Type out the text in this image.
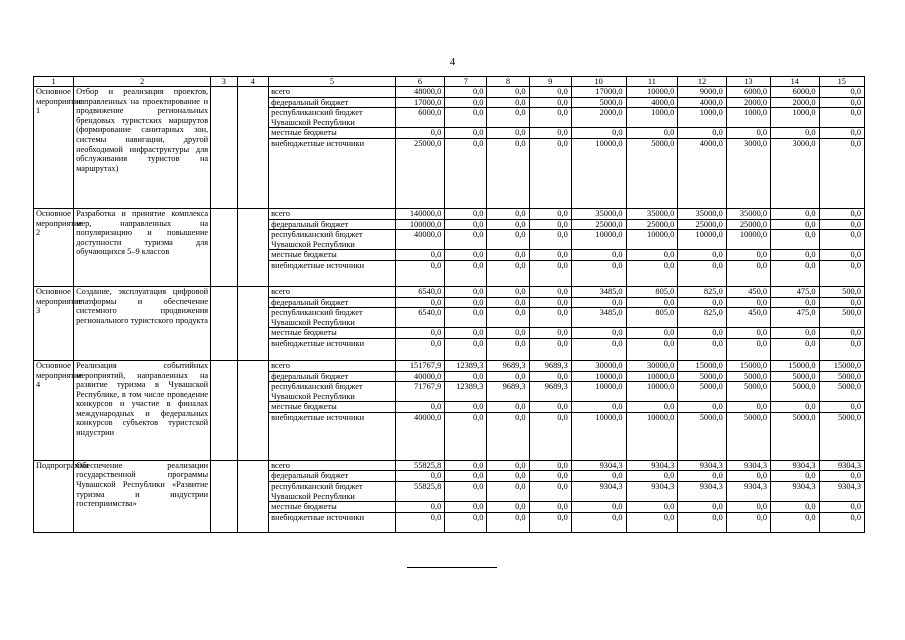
4
1	2	3	4	5	6	7	8	9	10	11	12	13	14	15
Основное мероприятие 1	Отбор и реализация проектов, направленных на проектирование и продвижение региональных брендовых туристских маршрутов (формирование санитарных зон, системы навигации, другой необходимой инфраструктуры для обслуживания туристов на маршрутах)			всего	48000,0	0,0	0,0	0,0	17000,0	10000,0	9000,0	6000,0	6000,0	0,0
				федеральный бюджет	17000,0	0,0	0,0	0,0	5000,0	4000,0	4000,0	2000,0	2000,0	0,0
				республиканский бюджет Чувашской Республики	6000,0	0,0	0,0	0,0	2000,0	1000,0	1000,0	1000,0	1000,0	0,0
				местные бюджеты	0,0	0,0	0,0	0,0	0,0	0,0	0,0	0,0	0,0	0,0
				внебюджетные источники	25000,0	0,0	0,0	0,0	10000,0	5000,0	4000,0	3000,0	3000,0	0,0
Основное мероприятие 2	Разработка и принятие комплекса мер, направленных на популяризацию и повышение доступности туризма для обучающихся 5–9 классов			всего	140000,0	0,0	0,0	0,0	35000,0	35000,0	35000,0	35000,0	0,0	0,0
				федеральный бюджет	100000,0	0,0	0,0	0,0	25000,0	25000,0	25000,0	25000,0	0,0	0,0
				республиканский бюджет Чувашской Республики	40000,0	0,0	0,0	0,0	10000,0	10000,0	10000,0	10000,0	0,0	0,0
				местные бюджеты	0,0	0,0	0,0	0,0	0,0	0,0	0,0	0,0	0,0	0,0
				внебюджетные источники	0,0	0,0	0,0	0,0	0,0	0,0	0,0	0,0	0,0	0,0
Основное мероприятие 3	Создание, эксплуатация цифровой платформы и обеспечение системного продвижения регионального туристского продукта			всего	6540,0	0,0	0,0	0,0	3485,0	805,0	825,0	450,0	475,0	500,0
				федеральный бюджет	0,0	0,0	0,0	0,0	0,0	0,0	0,0	0,0	0,0	0,0
				республиканский бюджет Чувашской Республики	6540,0	0,0	0,0	0,0	3485,0	805,0	825,0	450,0	475,0	500,0
				местные бюджеты	0,0	0,0	0,0	0,0	0,0	0,0	0,0	0,0	0,0	0,0
				внебюджетные источники	0,0	0,0	0,0	0,0	0,0	0,0	0,0	0,0	0,0	0,0
Основное мероприятие 4	Реализация событийных мероприятий, направленных на развитие туризма в Чувашской Республике, в том числе проведение конкурсов и участие в финалах международных и федеральных конкурсов субъектов туристской индустрии			всего	151767,9	12389,3	9689,3	9689,3	30000,0	30000,0	15000,0	15000,0	15000,0	15000,0
				федеральный бюджет	40000,0	0,0	0,0	0,0	10000,0	10000,0	5000,0	5000,0	5000,0	5000,0
				республиканский бюджет Чувашской Республики	71767,9	12389,3	9689,3	9689,3	10000,0	10000,0	5000,0	5000,0	5000,0	5000,0
				местные бюджеты	0,0	0,0	0,0	0,0	0,0	0,0	0,0	0,0	0,0	0,0
				внебюджетные источники	40000,0	0,0	0,0	0,0	10000,0	10000,0	5000,0	5000,0	5000,0	5000,0
Подпрограмма	Обеспечение реализации государственной программы Чувашской Республики «Развитие туризма и индустрии гостеприимства»			всего	55825,8	0,0	0,0	0,0	9304,3	9304,3	9304,3	9304,3	9304,3	9304,3
				федеральный бюджет	0,0	0,0	0,0	0,0	0,0	0,0	0,0	0,0	0,0	0,0
				республиканский бюджет Чувашской Республики	55825,8	0,0	0,0	0,0	9304,3	9304,3	9304,3	9304,3	9304,3	9304,3
				местные бюджеты	0,0	0,0	0,0	0,0	0,0	0,0	0,0	0,0	0,0	0,0
				внебюджетные источники	0,0	0,0	0,0	0,0	0,0	0,0	0,0	0,0	0,0	0,0
